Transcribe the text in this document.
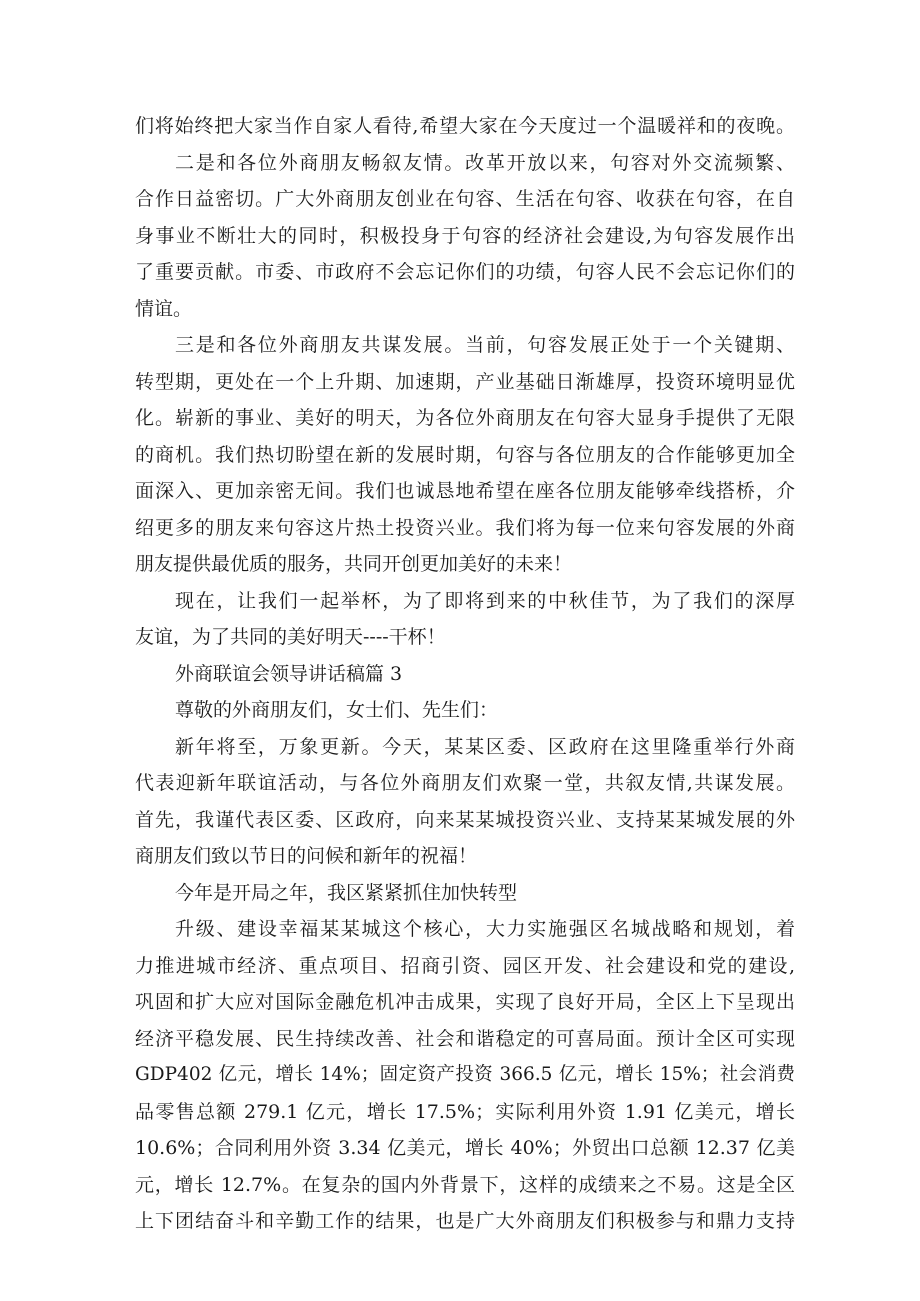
们将始终把大家当作自家人看待,希望大家在今天度过一个温暖祥和的夜晚。
二是和各位外商朋友畅叙友情。改革开放以来，句容对外交流频繁、
合作日益密切。广大外商朋友创业在句容、生活在句容、收获在句容，在自
身事业不断壮大的同时，积极投身于句容的经济社会建设,为句容发展作出
了重要贡献。市委、市政府不会忘记你们的功绩，句容人民不会忘记你们的
情谊。
三是和各位外商朋友共谋发展。当前，句容发展正处于一个关键期、
转型期，更处在一个上升期、加速期，产业基础日渐雄厚，投资环境明显优
化。崭新的事业、美好的明天，为各位外商朋友在句容大显身手提供了无限
的商机。我们热切盼望在新的发展时期，句容与各位朋友的合作能够更加全
面深入、更加亲密无间。我们也诚恳地希望在座各位朋友能够牵线搭桥，介
绍更多的朋友来句容这片热土投资兴业。我们将为每一位来句容发展的外商
朋友提供最优质的服务，共同开创更加美好的未来！
现在，让我们一起举杯，为了即将到来的中秋佳节，为了我们的深厚
友谊，为了共同的美好明天----干杯！
外商联谊会领导讲话稿篇 3
尊敬的外商朋友们，女士们、先生们：
新年将至，万象更新。今天，某某区委、区政府在这里隆重举行外商
代表迎新年联谊活动，与各位外商朋友们欢聚一堂，共叙友情,共谋发展。
首先，我谨代表区委、区政府，向来某某城投资兴业、支持某某城发展的外
商朋友们致以节日的问候和新年的祝福！
今年是开局之年，我区紧紧抓住加快转型
升级、建设幸福某某城这个核心，大力实施强区名城战略和规划，着
力推进城市经济、重点项目、招商引资、园区开发、社会建设和党的建设,
巩固和扩大应对国际金融危机冲击成果，实现了良好开局，全区上下呈现出
经济平稳发展、民生持续改善、社会和谐稳定的可喜局面。预计全区可实现
GDP402 亿元，增长 14%；固定资产投资 366.5 亿元，增长 15%；社会消费
品零售总额 279.1 亿元，增长 17.5%；实际利用外资 1.91 亿美元，增长
10.6%；合同利用外资 3.34 亿美元，增长 40%；外贸出口总额 12.37 亿美
元，增长 12.7%。在复杂的国内外背景下，这样的成绩来之不易。这是全区
上下团结奋斗和辛勤工作的结果，也是广大外商朋友们积极参与和鼎力支持
